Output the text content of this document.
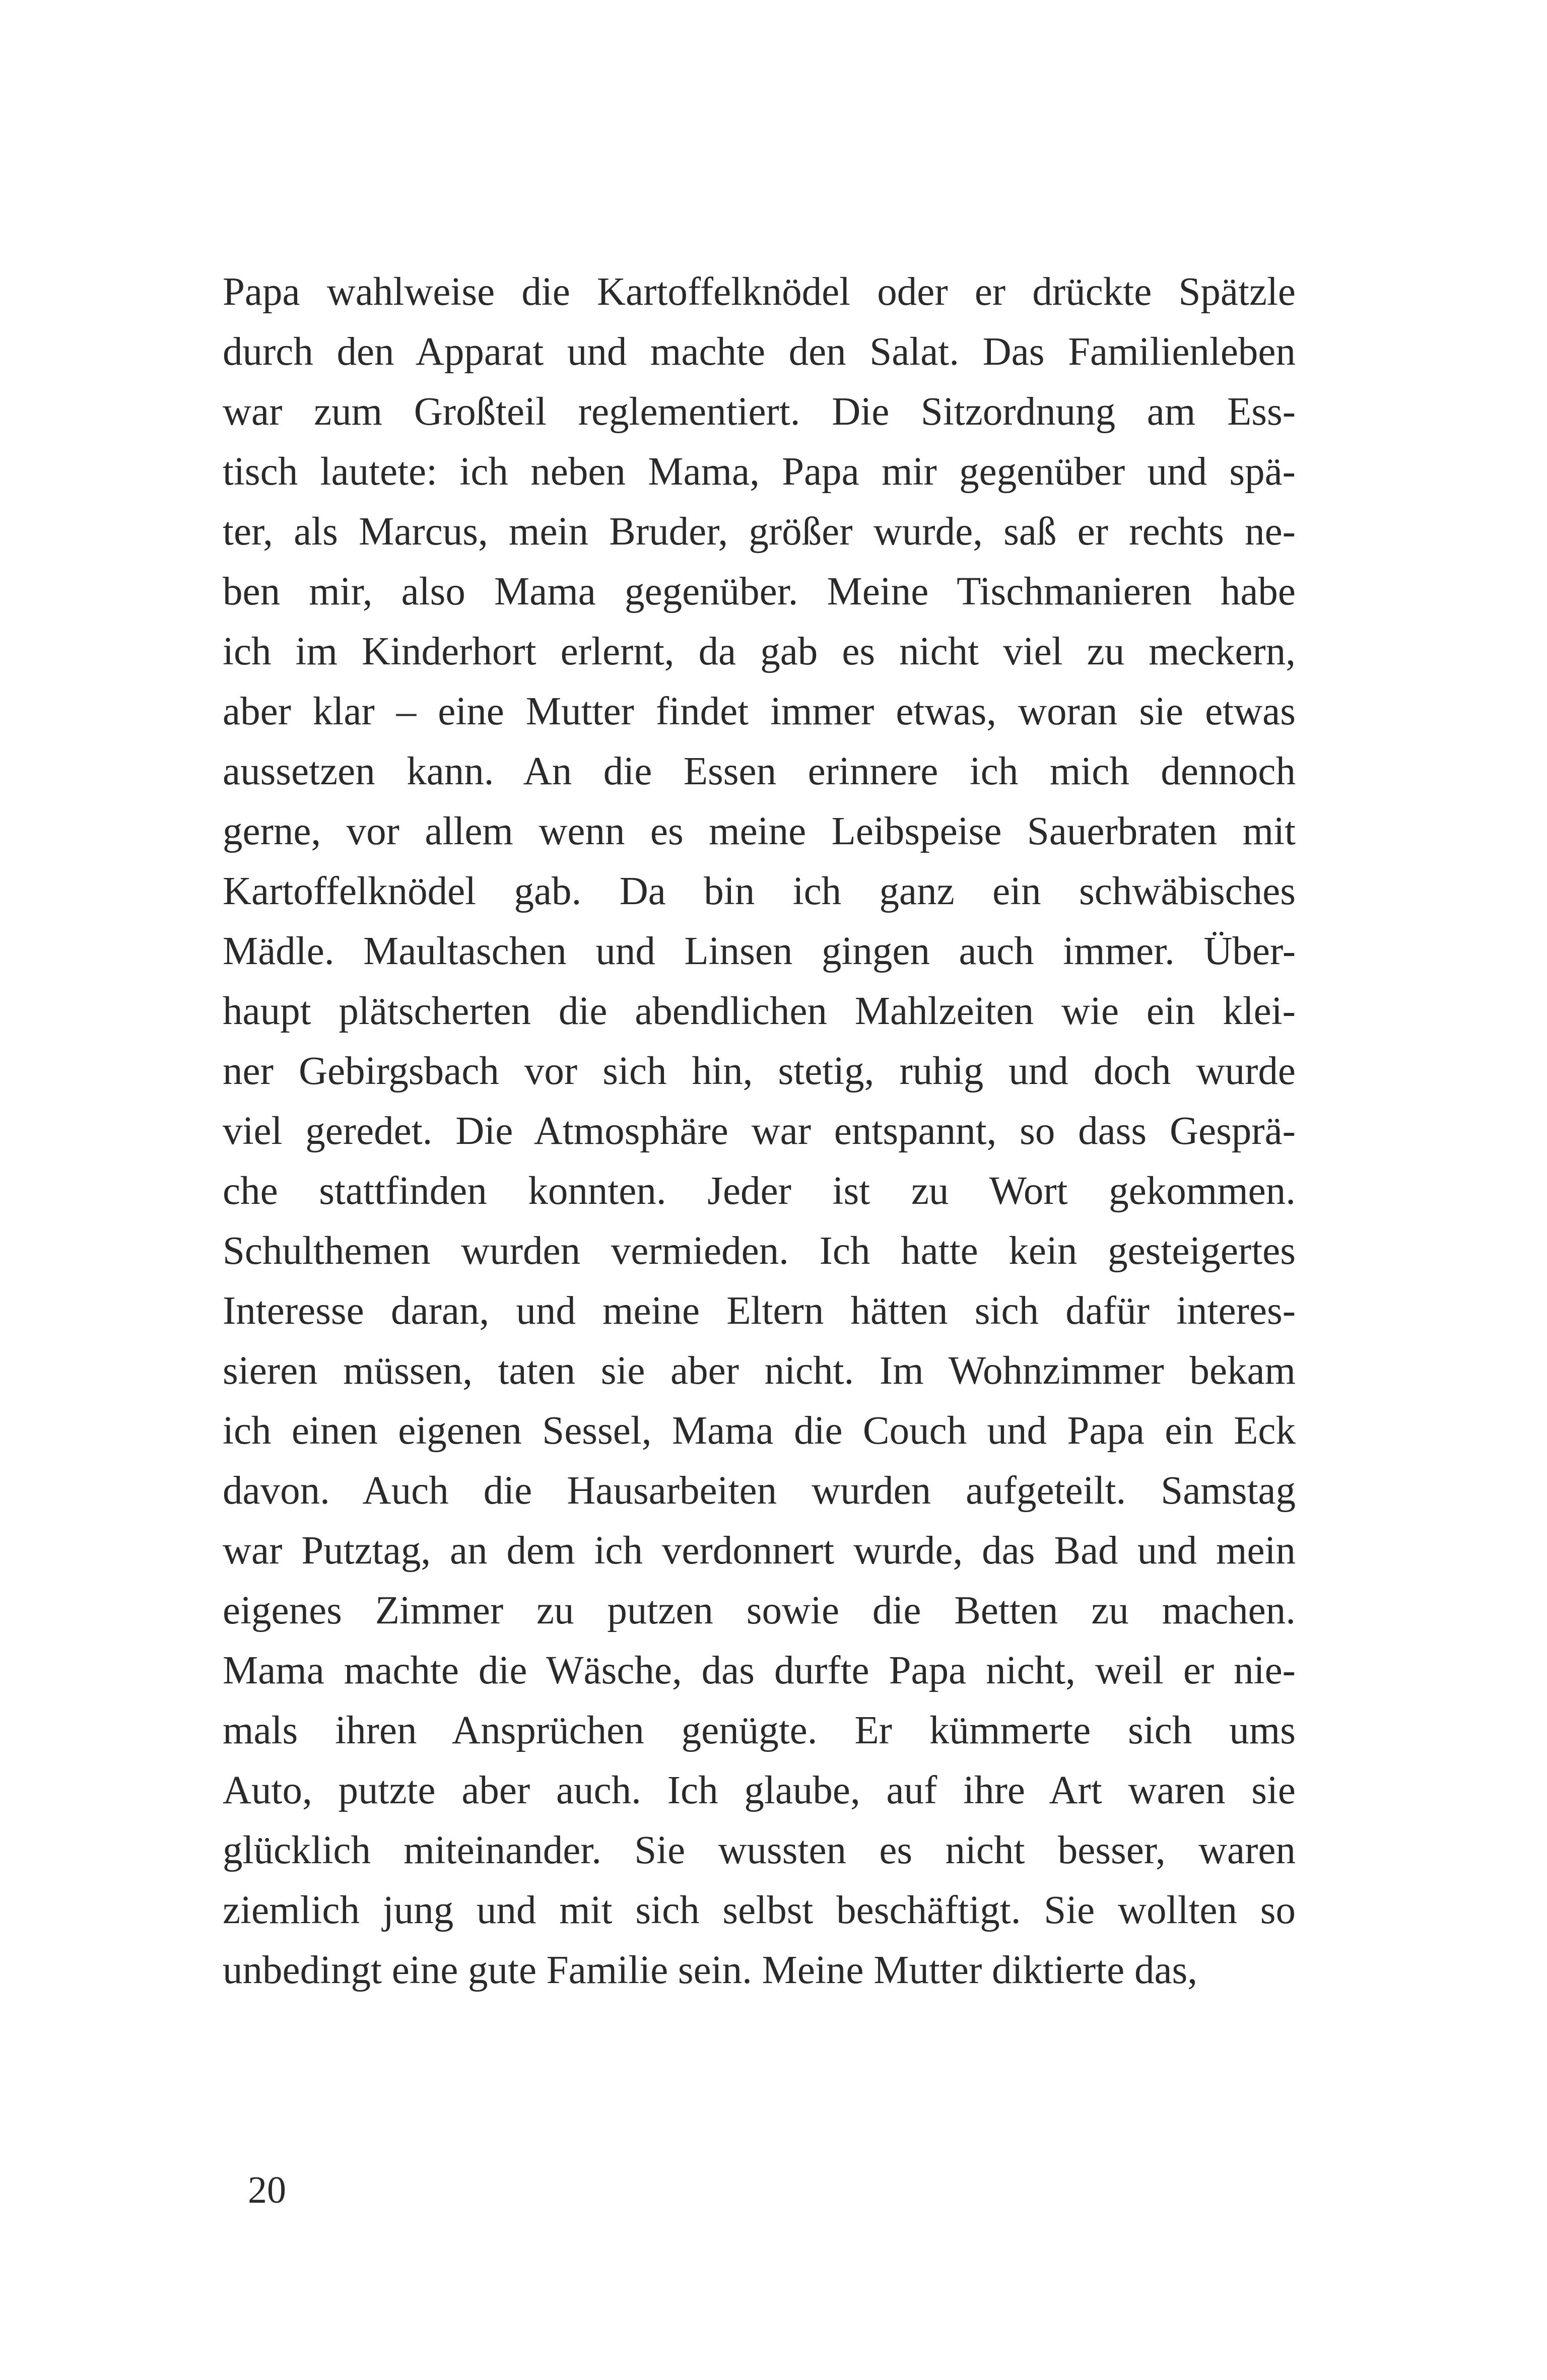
Papa wahlweise die Kartoffelknödel oder er drückte Spätzle
durch den Apparat und machte den Salat. Das Familienleben
war zum Großteil reglementiert. Die Sitzordnung am Ess-
tisch lautete: ich neben Mama, Papa mir gegenüber und spä-
ter, als Marcus, mein Bruder, größer wurde, saß er rechts ne-
ben mir, also Mama gegenüber. Meine Tischmanieren habe
ich im Kinderhort erlernt, da gab es nicht viel zu meckern,
aber klar – eine Mutter findet immer etwas, woran sie etwas
aussetzen kann. An die Essen erinnere ich mich dennoch
gerne, vor allem wenn es meine Leibspeise Sauerbraten mit
Kartoffelknödel gab. Da bin ich ganz ein schwäbisches
Mädle. Maultaschen und Linsen gingen auch immer. Über-
haupt plätscherten die abendlichen Mahlzeiten wie ein klei-
ner Gebirgsbach vor sich hin, stetig, ruhig und doch wurde
viel geredet. Die Atmosphäre war entspannt, so dass Gesprä-
che stattfinden konnten. Jeder ist zu Wort gekommen.
Schulthemen wurden vermieden. Ich hatte kein gesteigertes
Interesse daran, und meine Eltern hätten sich dafür interes-
sieren müssen, taten sie aber nicht. Im Wohnzimmer bekam
ich einen eigenen Sessel, Mama die Couch und Papa ein Eck
davon. Auch die Hausarbeiten wurden aufgeteilt. Samstag
war Putztag, an dem ich verdonnert wurde, das Bad und mein
eigenes Zimmer zu putzen sowie die Betten zu machen.
Mama machte die Wäsche, das durfte Papa nicht, weil er nie-
mals ihren Ansprüchen genügte. Er kümmerte sich ums
Auto, putzte aber auch. Ich glaube, auf ihre Art waren sie
glücklich miteinander. Sie wussten es nicht besser, waren
ziemlich jung und mit sich selbst beschäftigt. Sie wollten so
unbedingt eine gute Familie sein. Meine Mutter diktierte das,
20
